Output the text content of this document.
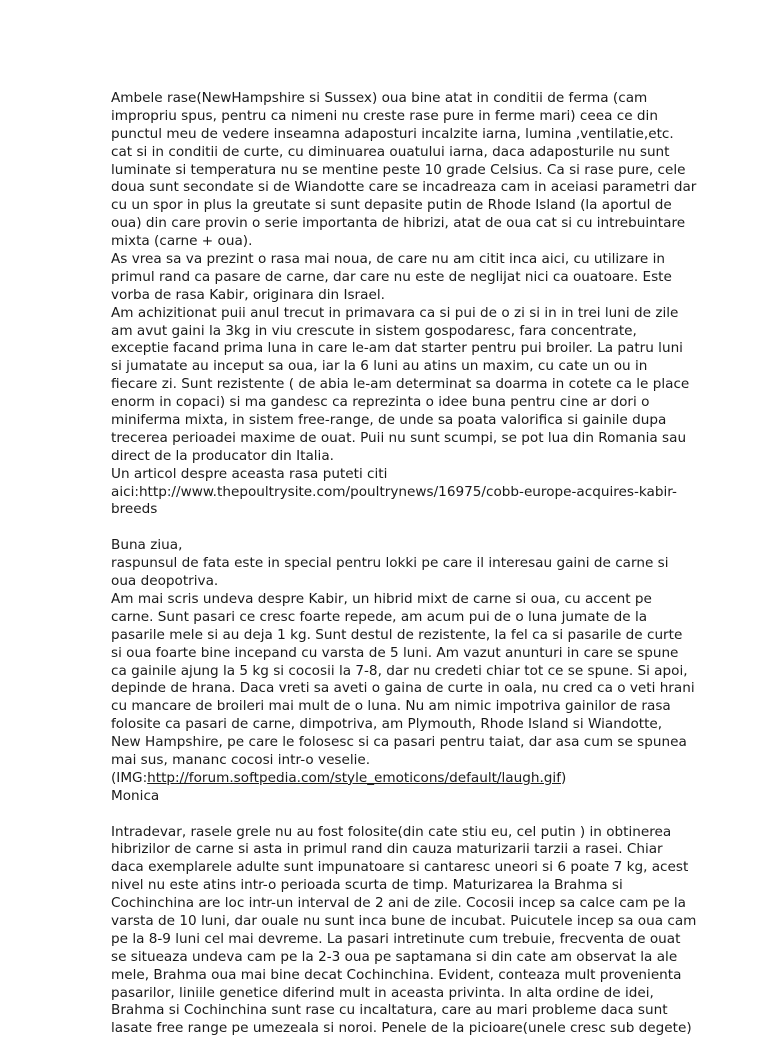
Ambele rase(NewHampshire si Sussex) oua bine atat in conditii de ferma (cam
impropriu spus, pentru ca nimeni nu creste rase pure in ferme mari) ceea ce din
punctul meu de vedere inseamna adaposturi incalzite iarna, lumina ,ventilatie,etc.
cat si in conditii de curte, cu diminuarea ouatului iarna, daca adaposturile nu sunt
luminate si temperatura nu se mentine peste 10 grade Celsius. Ca si rase pure, cele
doua sunt secondate si de Wiandotte care se incadreaza cam in aceiasi parametri dar
cu un spor in plus la greutate si sunt depasite putin de Rhode Island (la aportul de
oua) din care provin o serie importanta de hibrizi, atat de oua cat si cu intrebuintare
mixta (carne + oua).
As vrea sa va prezint o rasa mai noua, de care nu am citit inca aici, cu utilizare in
primul rand ca pasare de carne, dar care nu este de neglijat nici ca ouatoare. Este
vorba de rasa Kabir, originara din Israel.
Am achizitionat puii anul trecut in primavara ca si pui de o zi si in in trei luni de zile
am avut gaini la 3kg in viu crescute in sistem gospodaresc, fara concentrate,
exceptie facand prima luna in care le-am dat starter pentru pui broiler. La patru luni
si jumatate au inceput sa oua, iar la 6 luni au atins un maxim, cu cate un ou in
fiecare zi. Sunt rezistente ( de abia le-am determinat sa doarma in cotete ca le place
enorm in copaci) si ma gandesc ca reprezinta o idee buna pentru cine ar dori o
miniferma mixta, in sistem free-range, de unde sa poata valorifica si gainile dupa
trecerea perioadei maxime de ouat. Puii nu sunt scumpi, se pot lua din Romania sau
direct de la producator din Italia.
Un articol despre aceasta rasa puteti citi
aici:http://www.thepoultrysite.com/poultrynews/16975/cobb-europe-acquires-kabir-
breeds
Buna ziua,
raspunsul de fata este in special pentru lokki pe care il interesau gaini de carne si
oua deopotriva.
Am mai scris undeva despre Kabir, un hibrid mixt de carne si oua, cu accent pe
carne. Sunt pasari ce cresc foarte repede, am acum pui de o luna jumate de la
pasarile mele si au deja 1 kg. Sunt destul de rezistente, la fel ca si pasarile de curte
si oua foarte bine incepand cu varsta de 5 luni. Am vazut anunturi in care se spune
ca gainile ajung la 5 kg si cocosii la 7-8, dar nu credeti chiar tot ce se spune. Si apoi,
depinde de hrana. Daca vreti sa aveti o gaina de curte in oala, nu cred ca o veti hrani
cu mancare de broileri mai mult de o luna. Nu am nimic impotriva gainilor de rasa
folosite ca pasari de carne, dimpotriva, am Plymouth, Rhode Island si Wiandotte,
New Hampshire, pe care le folosesc si ca pasari pentru taiat, dar asa cum se spunea
mai sus, mananc cocosi intr-o veselie.
(IMG:http://forum.softpedia.com/style_emoticons/default/laugh.gif)
Monica
Intradevar, rasele grele nu au fost folosite(din cate stiu eu, cel putin ) in obtinerea
hibrizilor de carne si asta in primul rand din cauza maturizarii tarzii a rasei. Chiar
daca exemplarele adulte sunt impunatoare si cantaresc uneori si 6 poate 7 kg, acest
nivel nu este atins intr-o perioada scurta de timp. Maturizarea la Brahma si
Cochinchina are loc intr-un interval de 2 ani de zile. Cocosii incep sa calce cam pe la
varsta de 10 luni, dar ouale nu sunt inca bune de incubat. Puicutele incep sa oua cam
pe la 8-9 luni cel mai devreme. La pasari intretinute cum trebuie, frecventa de ouat
se situeaza undeva cam pe la 2-3 oua pe saptamana si din cate am observat la ale
mele, Brahma oua mai bine decat Cochinchina. Evident, conteaza mult provenienta
pasarilor, liniile genetice diferind mult in aceasta privinta. In alta ordine de idei,
Brahma si Cochinchina sunt rase cu incaltatura, care au mari probleme daca sunt
lasate free range pe umezeala si noroi. Penele de la picioare(unele cresc sub degete)
